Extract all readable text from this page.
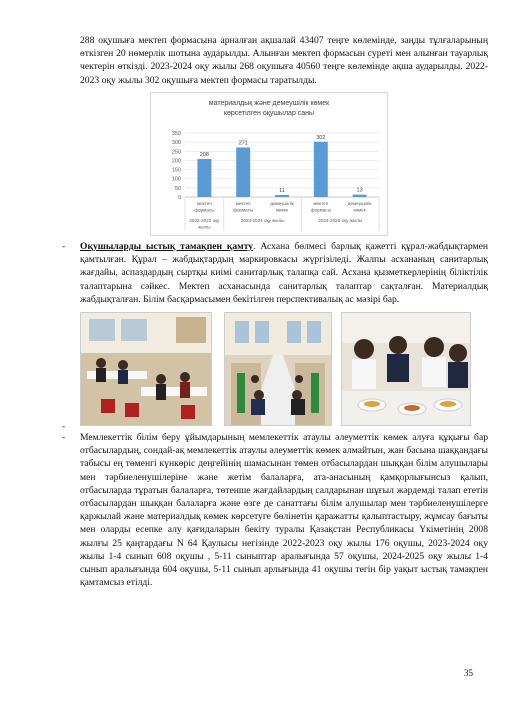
288 оқушыға мектеп формасына арналған ақшалай 43407 теңге көлемінде, заңды тұлғаларының өткізген 20 нөмерлік шотына аударылды. Алынған мектеп формасын суреті мен алынған тауарлық чектерін өткізді. 2023-2024 оқу жылы 268 оқушыға 40560 теңге көлемінде ақша аударылды. 2022-2023 оқу жылы 302 оқушыға мектеп формасы таратылды.

материалдық және демеушілік көмек
көрсетілген оқушылар саны
0
50
100
150
200
250
300
350
208
мектеп
формасы
271
мектеп
формасы
11
демеушілік
көмек
302
мектеп
формасы
13
демеушілік
көмек
2022-2023 оқу
жылы
2023-2024 оқу жылы	2024-2025 оқу жылы
- Оқушыларды ыстық тамақпен қамту. Асхана бөлмесі барлық қажетті құрал-жабдықтармен қамтылған. Құрал – жабдықтардың маркировкасы жүргізіледі. Жалпы асхананың санитарлық жағдайы, аспаздардың сыртқы киімі санитарлық талапқа сай. Асхана қызметкерлерінің біліктілік талаптарына сәйкес. Мектеп асханасында санитарлық талаптар сақталған. Материалдық жабдықталған. Білім басқармасымен бекітілген перспективалық ас мәзірі бар.

-
- Мемлекеттік білім беру ұйымдарының мемлекеттік атаулы әлеуметтік көмек алуға құқығы бар отбасылардың, сондай-ақ мемлекеттік атаулы әлеуметтік көмек алмайтын, жан басына шаққандағы табысы ең төменгі күнкөріс деңгейінің шамасынан төмен отбасылардан шыққан білім алушылары мен тәрбиеленушілеріне және жетім балаларға, ата-анасының қамқорлығынсыз қалып, отбасыларда тұратын балаларға, төтенше жағдайлардың салдарынан шұғыл жәрдемді талап ететін отбасылардан шыққан балаларға және өзге де санаттағы білім алушылар мен тәрбиеленушілерге қаржылай және материалдық көмек көрсетуге бөлінетін қаражатты қалыптастыру, жұмсау бағыты мен оларды есепке алу қағидаларын бекіту туралы Қазақстан Республикасы Үкіметінің 2008 жылғы 25 қаңтардағы N 64 Қаулысы негізінде 2022-2023 оқу жылы 176 оқушы, 2023-2024 оқу жылы 1-4 сынып 608 оқушы , 5-11 сыныптар аралығында 57 оқушы, 2024-2025 оқу жылы 1-4 сынып аралығында 604 оқушы, 5-11 сынып арлығында 41 оқушы тегін бір уақыт ыстық тамақпен қамтамсыз етілді.

35
